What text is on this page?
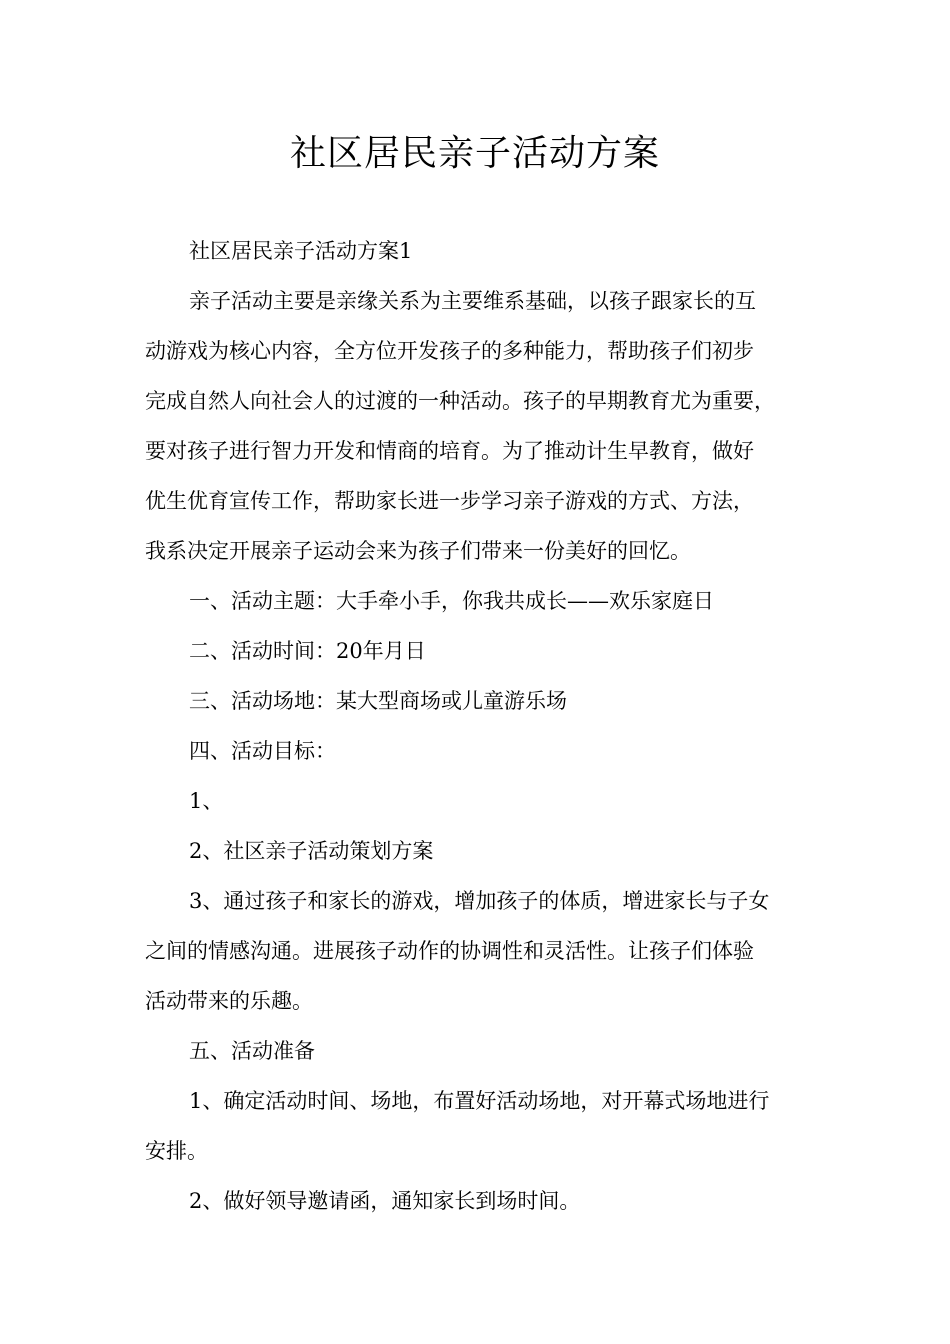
社区居民亲子活动方案
社区居民亲子活动方案1
亲子活动主要是亲缘关系为主要维系基础，以孩子跟家长的互
动游戏为核心内容，全方位开发孩子的多种能力，帮助孩子们初步
完成自然人向社会人的过渡的一种活动。孩子的早期教育尤为重要，
要对孩子进行智力开发和情商的培育。为了推动计生早教育，做好
优生优育宣传工作，帮助家长进一步学习亲子游戏的方式、方法，
我系决定开展亲子运动会来为孩子们带来一份美好的回忆。
一、活动主题：大手牵小手，你我共成长——欢乐家庭日
二、活动时间：20年月日
三、活动场地：某大型商场或儿童游乐场
四、活动目标：
1、
2、社区亲子活动策划方案
3、通过孩子和家长的游戏，增加孩子的体质，增进家长与子女
之间的情感沟通。进展孩子动作的协调性和灵活性。让孩子们体验
活动带来的乐趣。
五、活动准备
1、确定活动时间、场地，布置好活动场地，对开幕式场地进行
安排。
2、做好领导邀请函，通知家长到场时间。
